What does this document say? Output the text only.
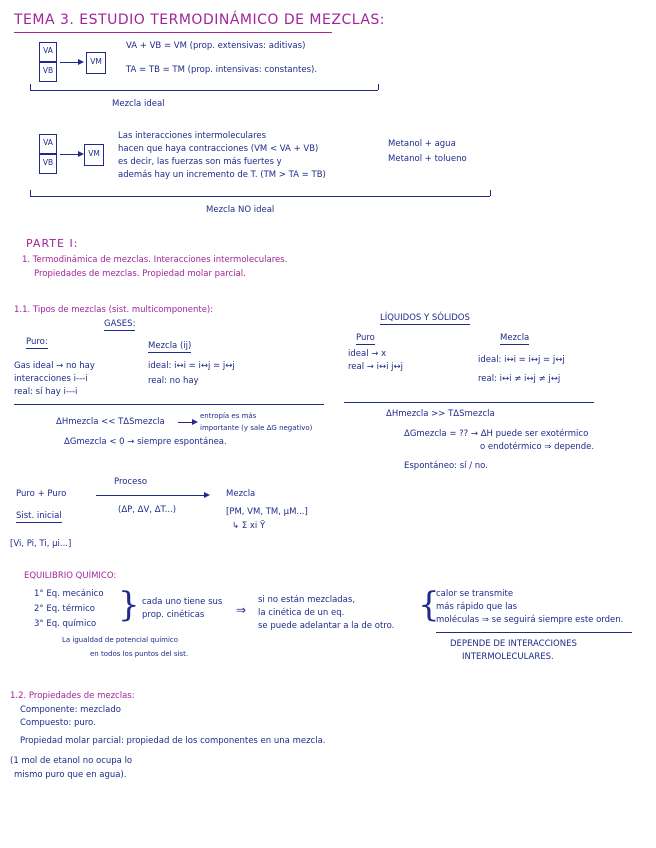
TEMA 3. ESTUDIO TERMODINÁMICO DE MEZCLAS:
VA
VB
VM
VA + VB = VM (prop. extensivas: aditivas)
TA = TB = TM (prop. intensivas: constantes).
Mezcla ideal
VA
VB
VM
Las interacciones intermoleculares
hacen que haya contracciones (VM < VA + VB)
es decir, las fuerzas son más fuertes y
además hay un incremento de T. (TM > TA = TB)
Metanol + agua
Metanol + tolueno
Mezcla NO ideal
PARTE I:
1. Termodinámica de mezclas. Interacciones intermoleculares.
Propiedades de mezclas. Propiedad molar parcial.
1.1. Tipos de mezclas (sist. multicomponente):
GASES:
LÍQUIDOS Y SÓLIDOS
Puro:	Mezcla (ij)
Gas ideal → no hay
interacciones i---i
real: sí hay i---i
ideal: i↔i = i↔j = j↔j
real: no hay
Puro	Mezcla
ideal → x
real → i↔i j↔j
ideal: i↔i = i↔j = j↔j
real: i↔i ≠ i↔j ≠ j↔j
ΔHmezcla << TΔSmezcla
entropía es más
importante (y sale ΔG negativo)
ΔGmezcla < 0 → siempre espontánea.
ΔHmezcla >> TΔSmezcla
ΔGmezcla = ?? → ΔH puede ser exotérmico
o endotérmico ⇒ depende.
Espontáneo: sí / no.
Puro + Puro
Proceso
Mezcla
(ΔP, ΔV, ΔT...)	[PM, VM, TM, μM...]
↳ Σ xi Ȳ
Sist. inicial
[Vi, Pi, Ti, μi...]
EQUILIBRIO QUÍMICO:
1° Eq. mecánico
2° Eq. térmico
3° Eq. químico } cada uno tiene sus
prop. cinéticas	⇒
si no están mezcladas,
la cinética de un eq.
se puede adelantar a la de otro.
{
calor se transmite
más rápido que las
moléculas ⇒ se seguirá siempre este orden.
La igualdad de potencial químico
en todos los puntos del sist.
DEPENDE DE INTERACCIONES
INTERMOLECULARES.
1.2. Propiedades de mezclas:
Componente: mezclado
Compuesto: puro.
Propiedad molar parcial: propiedad de los componentes en una mezcla.
(1 mol de etanol no ocupa lo
mismo puro que en agua).
